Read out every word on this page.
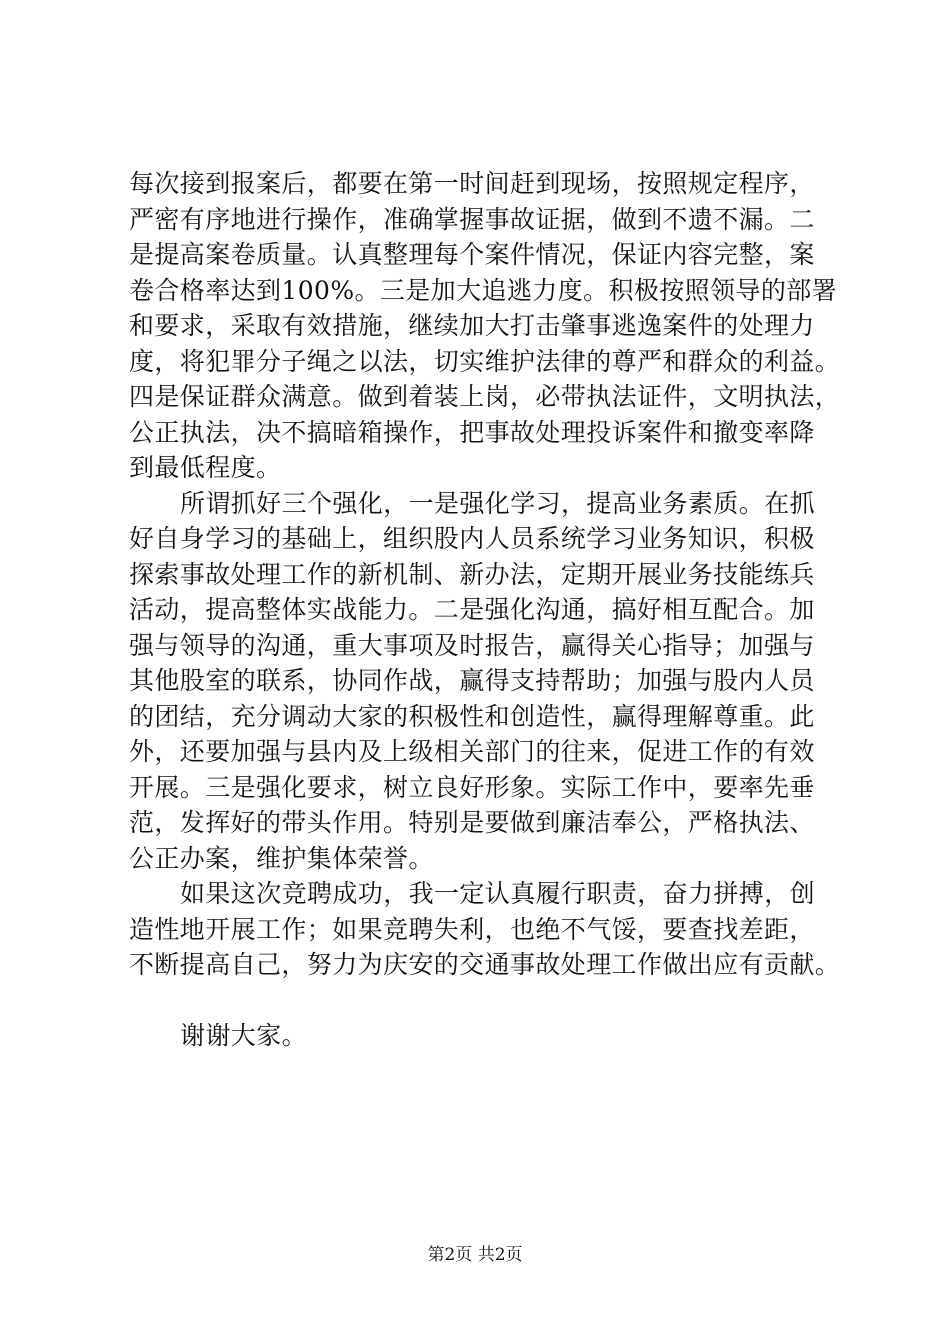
每次接到报案后，都要在第一时间赶到现场，按照规定程序，
严密有序地进行操作，准确掌握事故证据，做到不遗不漏。二
是提高案卷质量。认真整理每个案件情况，保证内容完整，案
卷合格率达到100%。三是加大追逃力度。积极按照领导的部署
和要求，采取有效措施，继续加大打击肇事逃逸案件的处理力
度，将犯罪分子绳之以法，切实维护法律的尊严和群众的利益。
四是保证群众满意。做到着装上岗，必带执法证件，文明执法，
公正执法，决不搞暗箱操作，把事故处理投诉案件和撤变率降
到最低程度。
所谓抓好三个强化，一是强化学习，提高业务素质。在抓
好自身学习的基础上，组织股内人员系统学习业务知识，积极
探索事故处理工作的新机制、新办法，定期开展业务技能练兵
活动，提高整体实战能力。二是强化沟通，搞好相互配合。加
强与领导的沟通，重大事项及时报告，赢得关心指导；加强与
其他股室的联系，协同作战，赢得支持帮助；加强与股内人员
的团结，充分调动大家的积极性和创造性，赢得理解尊重。此
外，还要加强与县内及上级相关部门的往来，促进工作的有效
开展。三是强化要求，树立良好形象。实际工作中，要率先垂
范，发挥好的带头作用。特别是要做到廉洁奉公，严格执法、
公正办案，维护集体荣誉。
如果这次竞聘成功，我一定认真履行职责，奋力拼搏，创
造性地开展工作；如果竞聘失利，也绝不气馁，要查找差距，
不断提高自己，努力为庆安的交通事故处理工作做出应有贡献。
谢谢大家。
第2页 共2页
